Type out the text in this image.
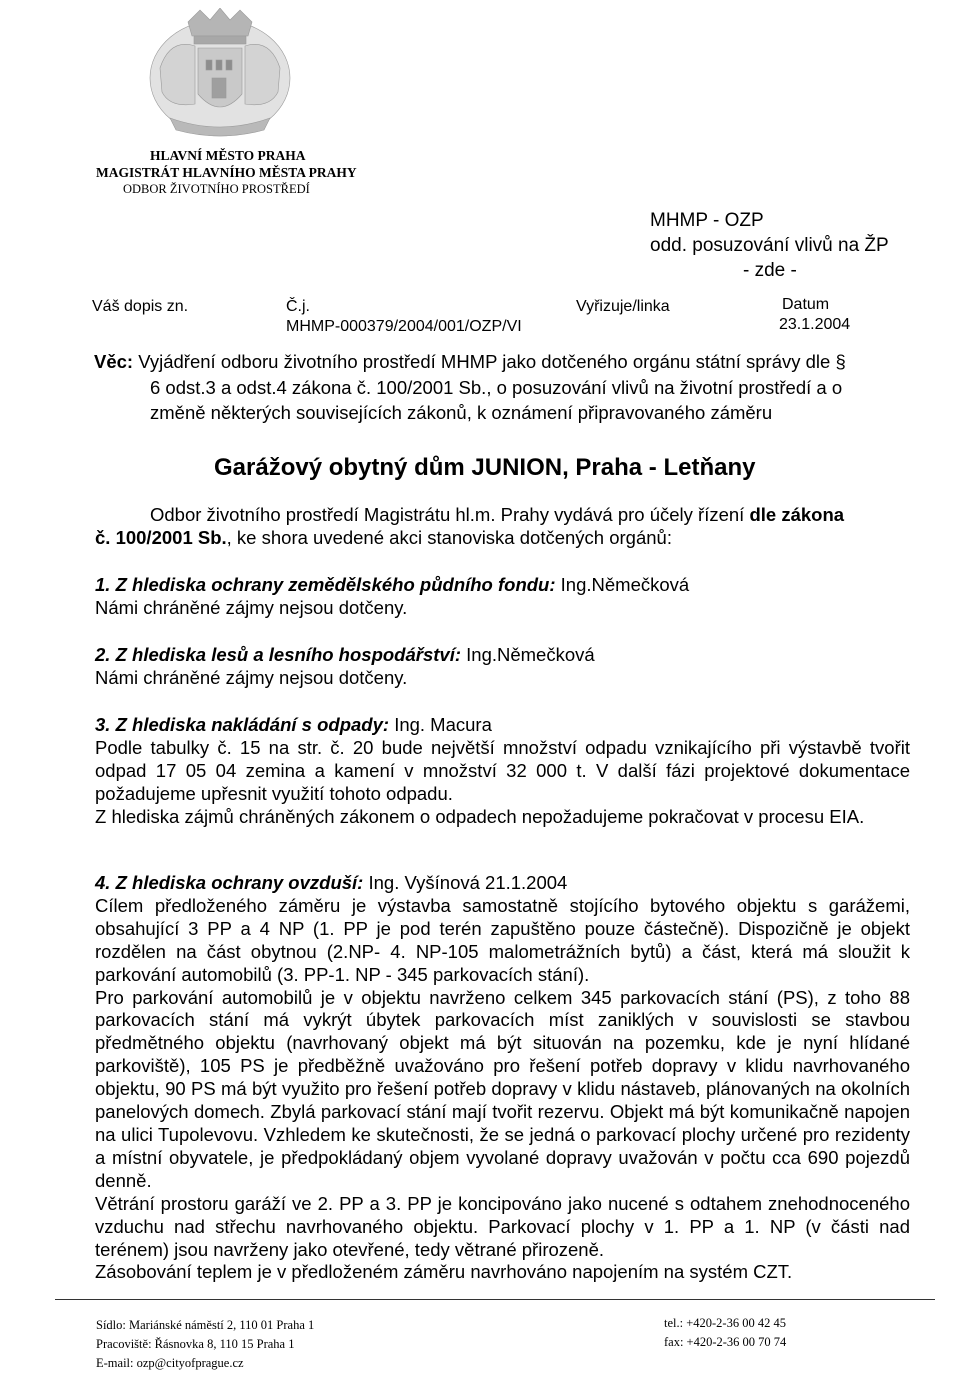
HLAVNÍ MĚSTO PRAHA
MAGISTRÁT HLAVNÍHO MĚSTA PRAHY
ODBOR ŽIVOTNÍHO PROSTŘEDÍ
MHMP - OZP
odd. posuzování vlivů na ŽP
- zde -
Váš dopis zn.	Č.j.
MHMP-000379/2004/001/OZP/VI
Vyřizuje/linka	Datum
23.1.2004
Věc: Vyjádření odboru životního prostředí MHMP jako dotčeného orgánu státní správy dle §
6 odst.3 a odst.4 zákona č. 100/2001 Sb., o posuzování vlivů na životní prostředí a o
změně některých souvisejících zákonů, k oznámení připravovaného záměru
Garážový obytný dům JUNION, Praha - Letňany

Odbor životního prostředí Magistrátu hl.m. Prahy vydává pro účely řízení dle zákona
č. 100/2001 Sb., ke shora uvedené akci stanoviska dotčených orgánů:

1. Z hlediska ochrany zemědělského půdního fondu: Ing.Němečková

Námi chráněné zájmy nejsou dotčeny.

2. Z hlediska lesů a lesního hospodářství: Ing.Němečková

Námi chráněné zájmy nejsou dotčeny.

3. Z hlediska nakládání s odpady: Ing. Macura

Podle tabulky č. 15 na str. č. 20 bude největší množství odpadu vznikajícího při výstavbě tvořit odpad 17 05 04 zemina a kamení v množství 32 000 t. V další fázi projektové dokumentace požadujeme upřesnit využití tohoto odpadu.

Z hlediska zájmů chráněných zákonem o odpadech nepožadujeme pokračovat v procesu EIA.

4. Z hlediska ochrany ovzduší: Ing. Vyšínová 21.1.2004

Cílem předloženého záměru je výstavba samostatně stojícího bytového objektu s garážemi, obsahující 3 PP a 4 NP (1. PP je pod terén zapuštěno pouze částečně). Dispozičně je objekt rozdělen na část obytnou (2.NP- 4. NP-105 malometrážních bytů) a část, která má sloužit k parkování automobilů (3. PP-1. NP - 345 parkovacích stání).

Pro parkování automobilů je v objektu navrženo celkem 345 parkovacích stání (PS), z toho 88 parkovacích stání má vykrýt úbytek parkovacích míst zaniklých v souvislosti se stavbou předmětného objektu (navrhovaný objekt má být situován na pozemku, kde je nyní hlídané parkoviště), 105 PS je předběžně uvažováno pro řešení potřeb dopravy v klidu navrhovaného objektu, 90 PS má být využito pro řešení potřeb dopravy v klidu nástaveb, plánovaných na okolních panelových domech. Zbylá parkovací stání mají tvořit rezervu. Objekt má být komunikačně napojen na ulici Tupolevovu. Vzhledem ke skutečnosti, že se jedná o parkovací plochy určené pro rezidenty a místní obyvatele, je předpokládaný objem vyvolané dopravy uvažován v počtu cca 690 pojezdů denně.

Větrání prostoru garáží ve 2. PP a 3. PP je koncipováno jako nucené s odtahem znehodnoceného vzduchu nad střechu navrhovaného objektu. Parkovací plochy v 1. PP a 1. NP (v části nad terénem) jsou navrženy jako otevřené, tedy větrané přirozeně.

Zásobování teplem je v předloženém záměru navrhováno napojením na systém CZT.

Sídlo: Mariánské náměstí 2, 110 01 Praha 1
Pracoviště: Řásnovka 8, 110 15 Praha 1
E-mail: ozp@cityofprague.cz
tel.: +420-2-36 00 42 45
fax: +420-2-36 00 70 74
